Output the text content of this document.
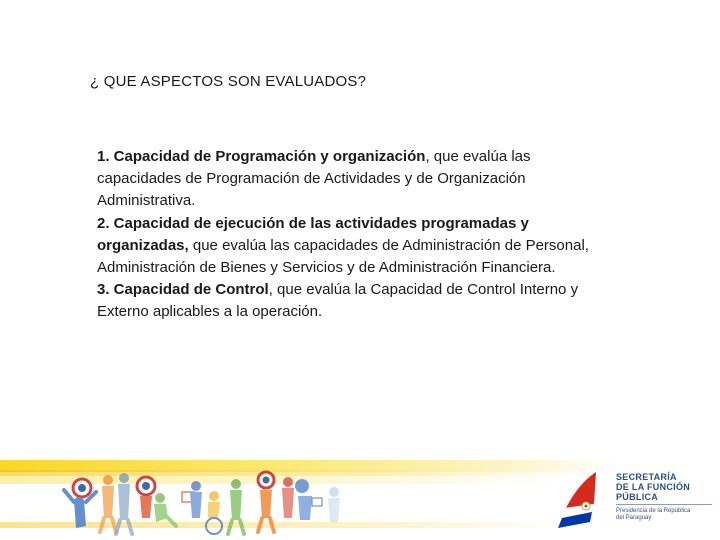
¿ QUE ASPECTOS SON EVALUADOS?

1. Capacidad de Programación y organización, que evalúa las capacidades de Programación de Actividades y de Organización Administrativa.

2. Capacidad de ejecución de las actividades programadas y organizadas, que evalúa las capacidades de Administración de Personal, Administración de Bienes y Servicios y de Administración Financiera.

3. Capacidad de Control, que evalúa la Capacidad de Control Interno y Externo aplicables a la operación.

SECRETARÍA
DE LA FUNCIÓN
PÚBLICA
Presidencia de la República
del Paraguay
